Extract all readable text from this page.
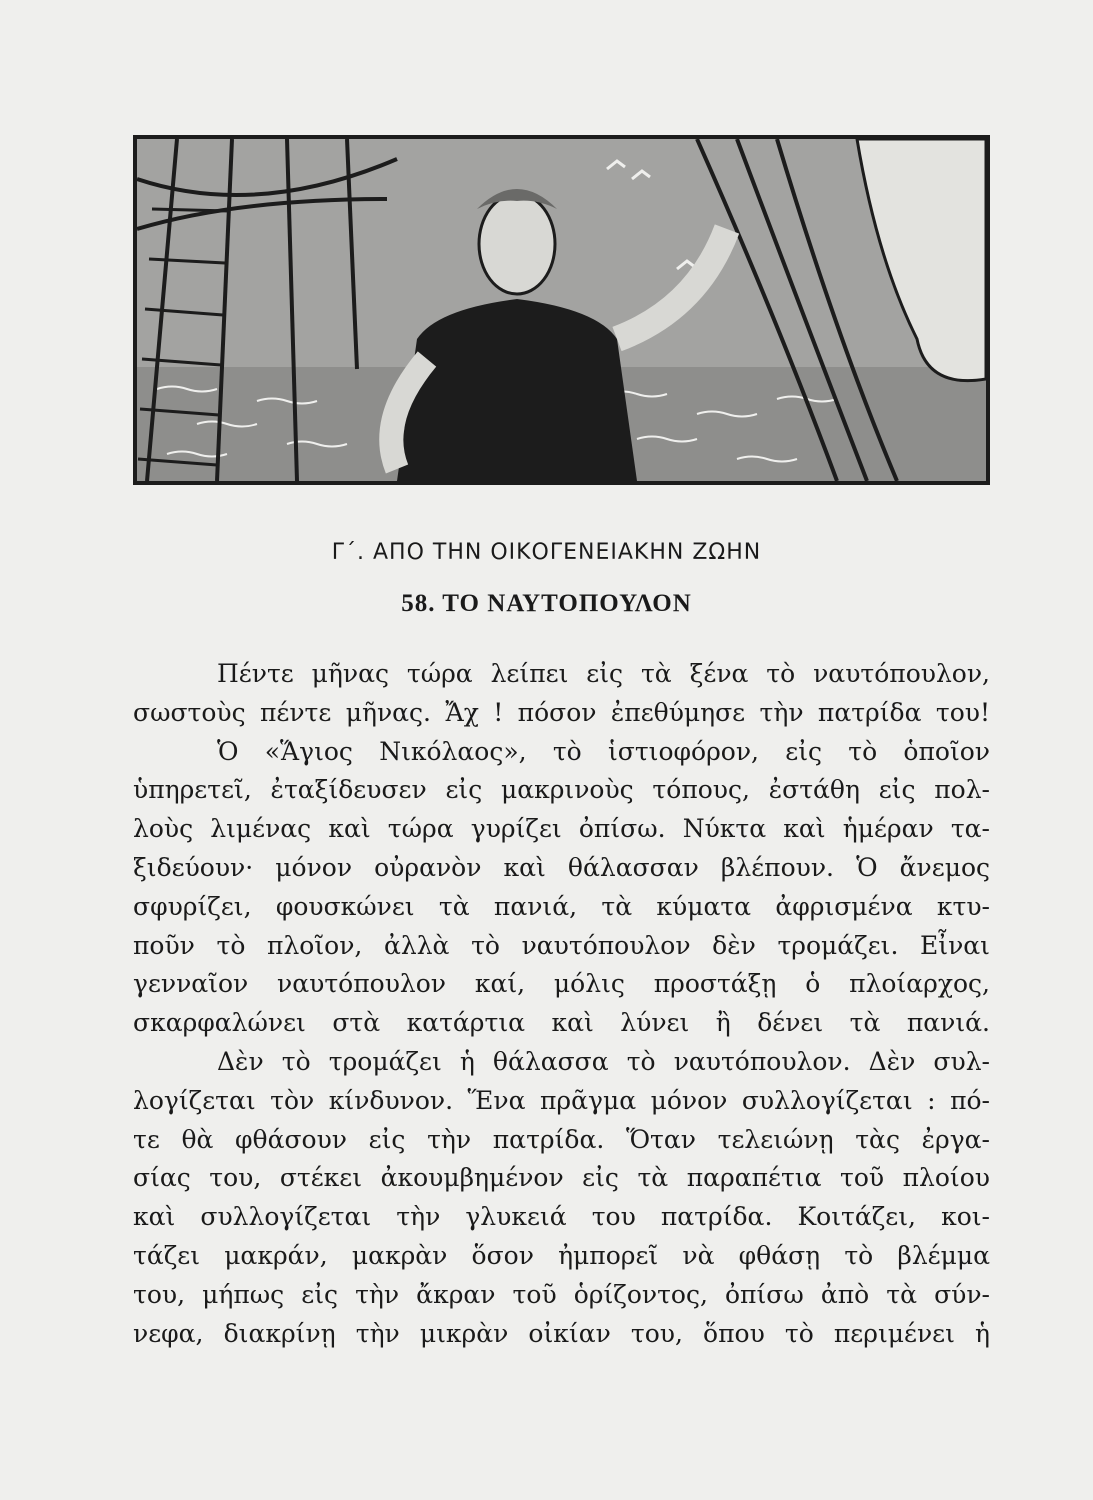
Γ΄. ΑΠΟ ΤΗΝ ΟΙΚΟΓΕΝΕΙΑΚΗΝ ΖΩΗΝ
58. ΤΟ ΝΑΥΤΟΠΟΥΛΟΝ
Πέντε μῆνας τώρα λείπει εἰς τὰ ξένα τὸ ναυτόπουλον,
σωστοὺς πέντε μῆνας. Ἄχ ! πόσον ἐπεθύμησε τὴν πατρίδα του!
Ὁ «Ἅγιος Νικόλαος», τὸ ἱστιοφόρον, εἰς τὸ ὁποῖον
ὑπηρετεῖ, ἐταξίδευσεν εἰς μακρινοὺς τόπους, ἐστάθη εἰς πολ-
λοὺς λιμένας καὶ τώρα γυρίζει ὀπίσω. Νύκτα καὶ ἡμέραν τα-
ξιδεύουν· μόνον οὐρανὸν καὶ θάλασσαν βλέπουν. Ὁ ἄνεμος
σφυρίζει, φουσκώνει τὰ πανιά, τὰ κύματα ἀφρισμένα κτυ-
ποῦν τὸ πλοῖον, ἀλλὰ τὸ ναυτόπουλον δὲν τρομάζει. Εἶναι
γενναῖον ναυτόπουλον καί, μόλις προστάξῃ ὁ πλοίαρχος,
σκαρφαλώνει στὰ κατάρτια καὶ λύνει ἢ δένει τὰ πανιά.
Δὲν τὸ τρομάζει ἡ θάλασσα τὸ ναυτόπουλον. Δὲν συλ-
λογίζεται τὸν κίνδυνον. Ἕνα πρᾶγμα μόνον συλλογίζεται : πό-
τε θὰ φθάσουν εἰς τὴν πατρίδα. Ὅταν τελειώνῃ τὰς ἐργα-
σίας του, στέκει ἀκουμβημένον εἰς τὰ παραπέτια τοῦ πλοίου
καὶ συλλογίζεται τὴν γλυκειά του πατρίδα. Κοιτάζει, κοι-
τάζει μακράν, μακρὰν ὅσον ἠμπορεῖ νὰ φθάσῃ τὸ βλέμμα
του, μήπως εἰς τὴν ἄκραν τοῦ ὁρίζοντος, ὀπίσω ἀπὸ τὰ σύν-
νεφα, διακρίνῃ τὴν μικρὰν οἰκίαν του, ὅπου τὸ περιμένει ἡ
